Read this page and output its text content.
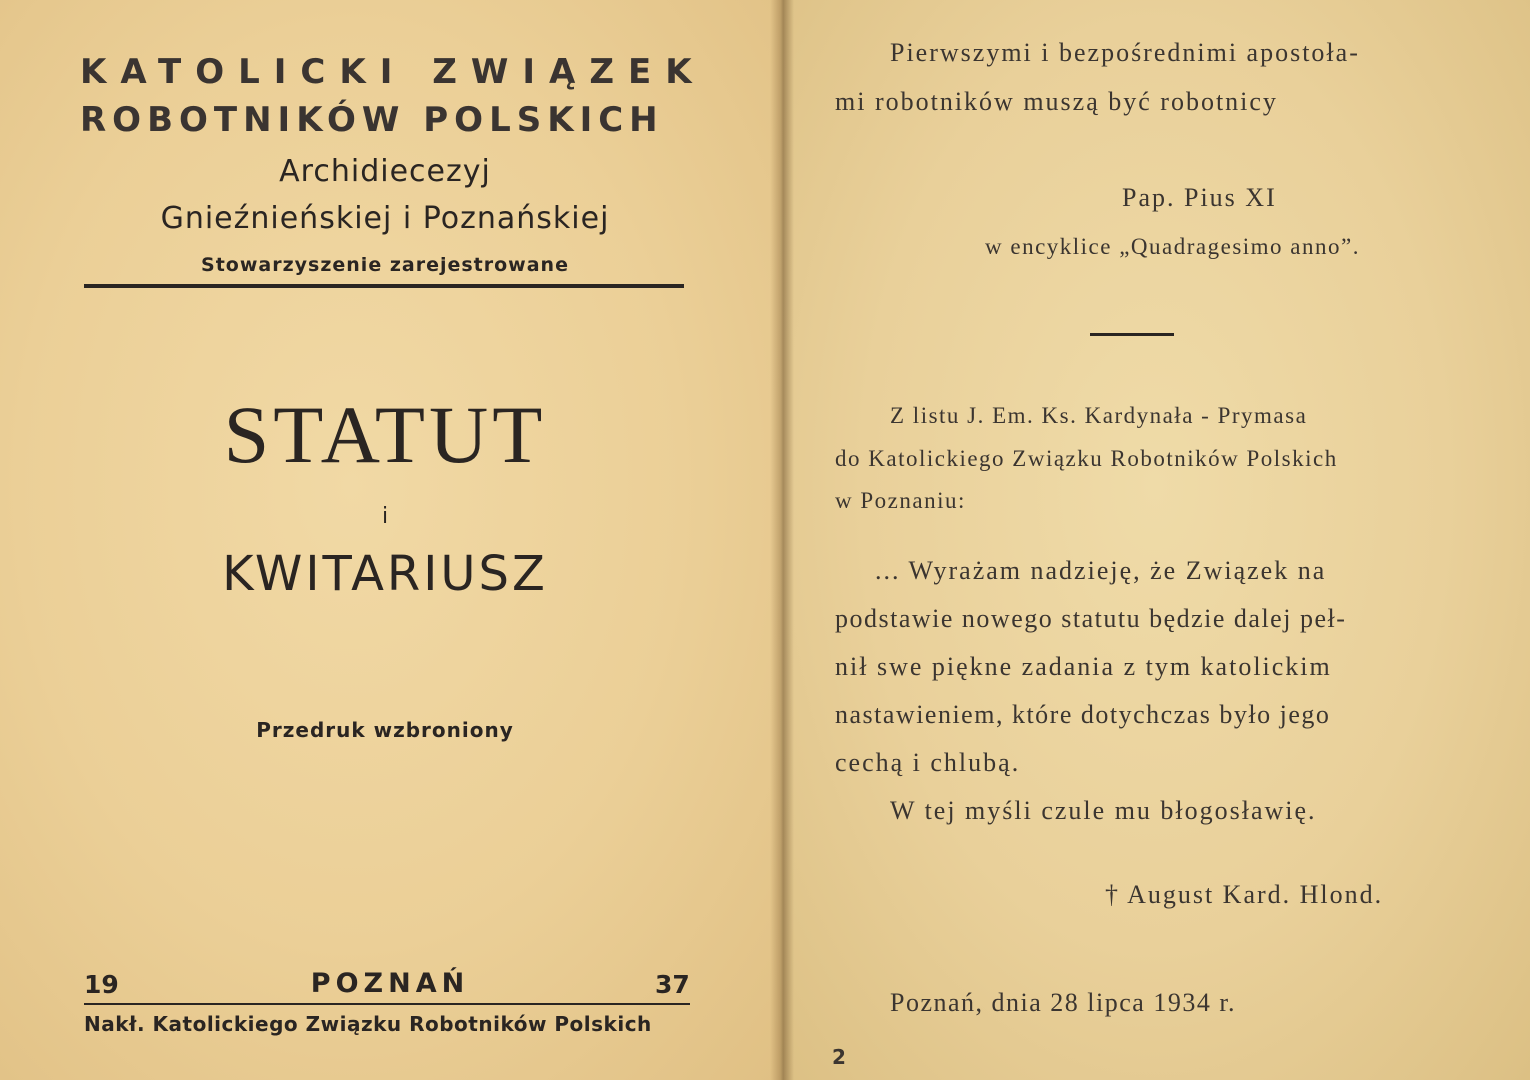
KATOLICKI ZWIĄZEK
ROBOTNIKÓW POLSKICH
Archidiecezyj
Gnieźnieńskiej i Poznańskiej
Stowarzyszenie zarejestrowane
STATUT
i
KWITARIUSZ
Przedruk wzbroniony
19	POZNAŃ	37
Nakł. Katolickiego Związku Robotników Polskich
Pierwszymi i bezpośrednimi apostoła-
mi robotników muszą być robotnicy
Pap. Pius XI
w encyklice „Quadragesimo anno”.
Z listu J. Em. Ks. Kardynała - Prymasa
do Katolickiego Związku Robotników Polskich
w Poznaniu:
... Wyrażam nadzieję, że Związek na
podstawie nowego statutu będzie dalej peł-
nił swe piękne zadania z tym katolickim
nastawieniem, które dotychczas było jego
cechą i chlubą.
W tej myśli czule mu błogosławię.
† August Kard. Hlond.
Poznań, dnia 28 lipca 1934 r.
2
